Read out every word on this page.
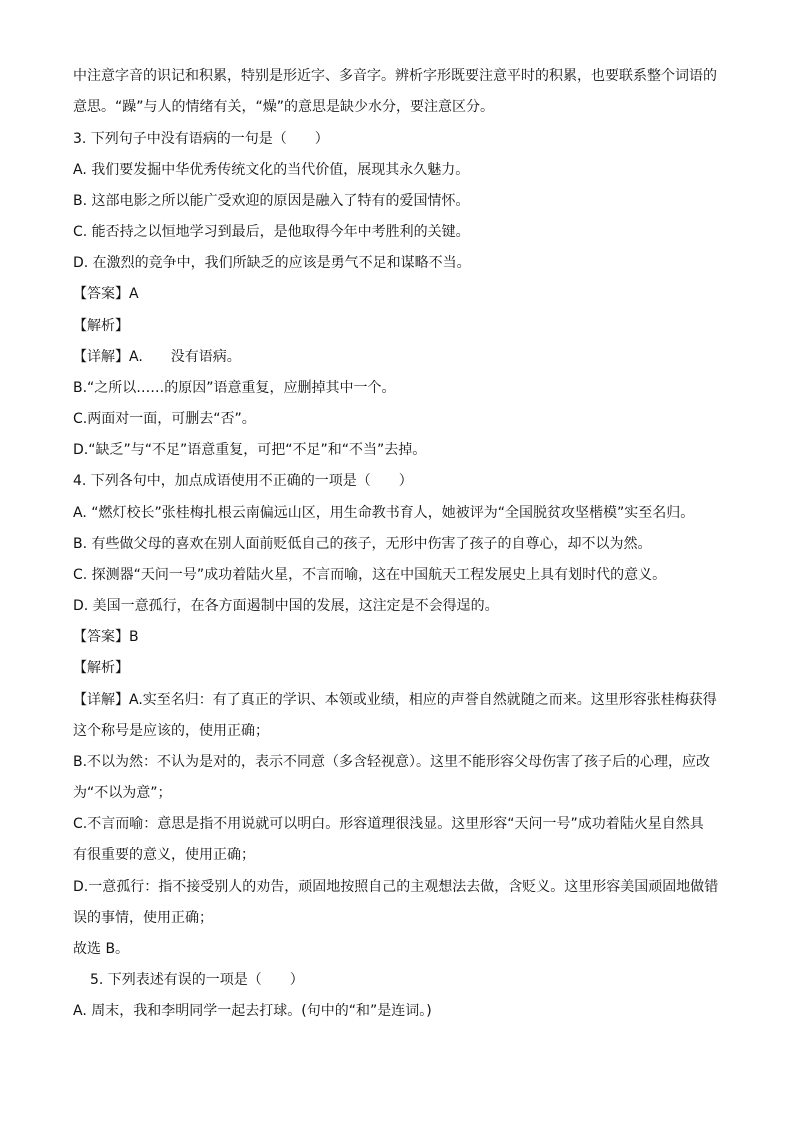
中注意字音的识记和积累，特别是形近字、多音字。辨析字形既要注意平时的积累，也要联系整个词语的
意思。“躁”与人的情绪有关，“燥”的意思是缺少水分，要注意区分。
3. 下列句子中没有语病的一句是（　　）
A. 我们要发掘中华优秀传统文化的当代价值，展现其永久魅力。
B. 这部电影之所以能广受欢迎的原因是融入了特有的爱国情怀。
C. 能否持之以恒地学习到最后，是他取得今年中考胜利的关键。
D. 在激烈的竞争中，我们所缺乏的应该是勇气不足和谋略不当。
【答案】A
【解析】
【详解】A.　　没有语病。
B.“之所以……的原因”语意重复，应删掉其中一个。
C.两面对一面，可删去“否”。
D.“缺乏”与“不足”语意重复，可把“不足”和“不当”去掉。
4. 下列各句中，加点成语使用不正确的一项是（　　）
A. “燃灯校长”张桂梅扎根云南偏远山区，用生命教书育人，她被评为“全国脱贫攻坚楷模”实至名归。
B. 有些做父母的喜欢在别人面前贬低自己的孩子，无形中伤害了孩子的自尊心，却不以为然。
C. 探测器“天问一号”成功着陆火星，不言而喻，这在中国航天工程发展史上具有划时代的意义。
D. 美国一意孤行，在各方面遏制中国的发展，这注定是不会得逞的。
【答案】B
【解析】
【详解】A.实至名归：有了真正的学识、本领或业绩，相应的声誉自然就随之而来。这里形容张桂梅获得
这个称号是应该的，使用正确；
B.不以为然：不认为是对的，表示不同意（多含轻视意）。这里不能形容父母伤害了孩子后的心理，应改
为“不以为意”；
C.不言而喻：意思是指不用说就可以明白。形容道理很浅显。这里形容“天问一号”成功着陆火星自然具
有很重要的意义，使用正确；
D.一意孤行：指不接受别人的劝告，顽固地按照自己的主观想法去做，含贬义。这里形容美国顽固地做错
误的事情，使用正确；
故选 B。
5. 下列表述有误的一项是（　　）
A. 周末，我和李明同学一起去打球。(句中的“和”是连词。)
